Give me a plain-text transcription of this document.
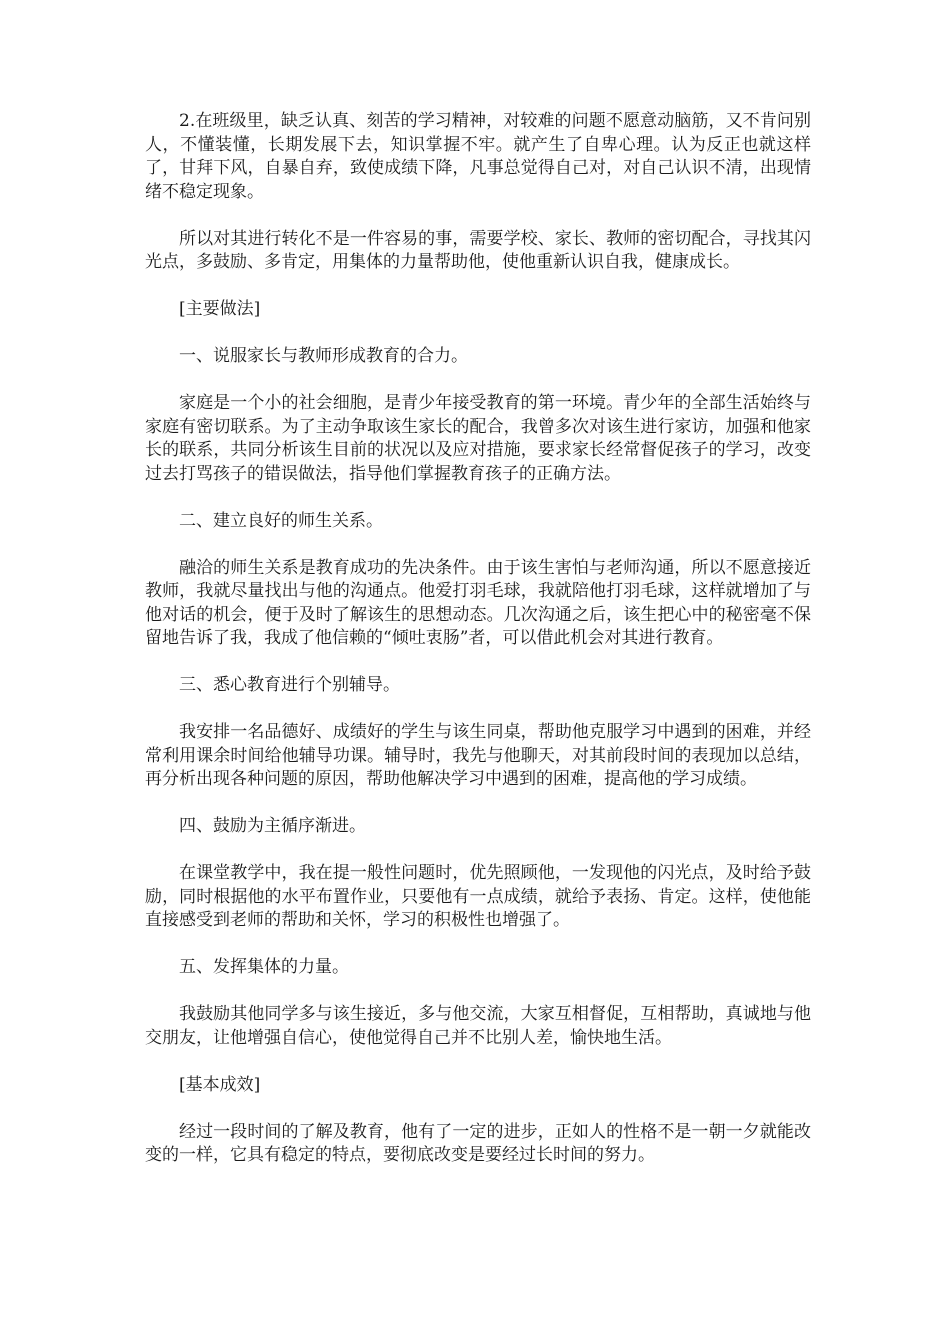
2.在班级里，缺乏认真、刻苦的学习精神，对较难的问题不愿意动脑筋，又不肯问别人，不懂装懂，长期发展下去，知识掌握不牢。就产生了自卑心理。认为反正也就这样了，甘拜下风，自暴自弃，致使成绩下降，凡事总觉得自己对，对自己认识不清，出现情绪不稳定现象。

所以对其进行转化不是一件容易的事，需要学校、家长、教师的密切配合，寻找其闪光点，多鼓励、多肯定，用集体的力量帮助他，使他重新认识自我，健康成长。

[主要做法]

一、说服家长与教师形成教育的合力。

家庭是一个小的社会细胞，是青少年接受教育的第一环境。青少年的全部生活始终与家庭有密切联系。为了主动争取该生家长的配合，我曾多次对该生进行家访，加强和他家长的联系，共同分析该生目前的状况以及应对措施，要求家长经常督促孩子的学习，改变过去打骂孩子的错误做法，指导他们掌握教育孩子的正确方法。

二、建立良好的师生关系。

融洽的师生关系是教育成功的先决条件。由于该生害怕与老师沟通，所以不愿意接近教师，我就尽量找出与他的沟通点。他爱打羽毛球，我就陪他打羽毛球，这样就增加了与他对话的机会，便于及时了解该生的思想动态。几次沟通之后，该生把心中的秘密毫不保留地告诉了我，我成了他信赖的“倾吐衷肠”者，可以借此机会对其进行教育。

三、悉心教育进行个别辅导。

我安排一名品德好、成绩好的学生与该生同桌，帮助他克服学习中遇到的困难，并经常利用课余时间给他辅导功课。辅导时，我先与他聊天，对其前段时间的表现加以总结，再分析出现各种问题的原因，帮助他解决学习中遇到的困难，提高他的学习成绩。

四、鼓励为主循序渐进。

在课堂教学中，我在提一般性问题时，优先照顾他，一发现他的闪光点，及时给予鼓励，同时根据他的水平布置作业，只要他有一点成绩，就给予表扬、肯定。这样，使他能直接感受到老师的帮助和关怀，学习的积极性也增强了。

五、发挥集体的力量。

我鼓励其他同学多与该生接近，多与他交流，大家互相督促，互相帮助，真诚地与他交朋友，让他增强自信心，使他觉得自己并不比别人差，愉快地生活。

[基本成效]

经过一段时间的了解及教育，他有了一定的进步，正如人的性格不是一朝一夕就能改变的一样，它具有稳定的特点，要彻底改变是要经过长时间的努力。
